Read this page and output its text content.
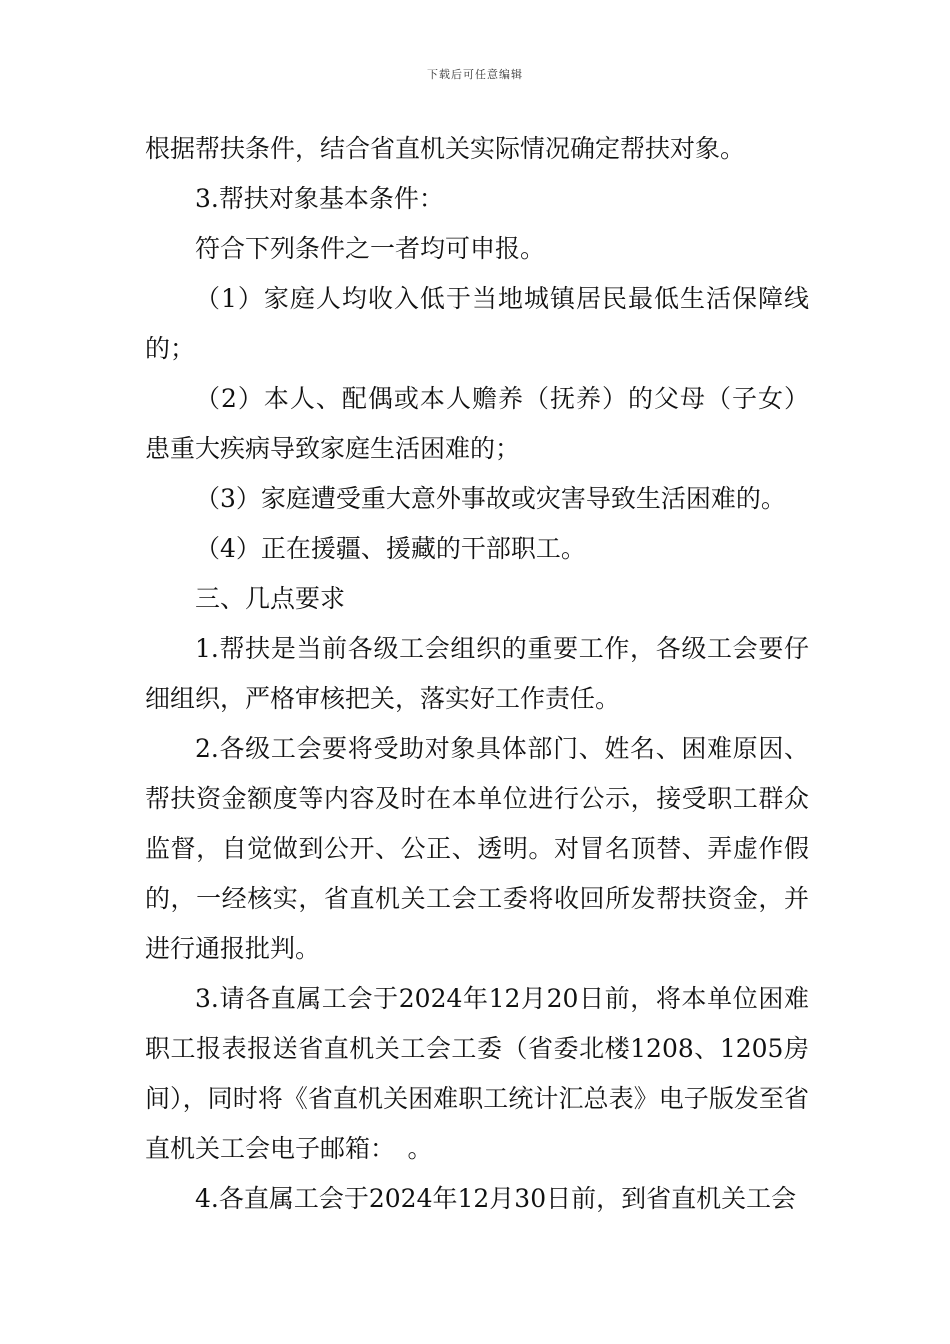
下载后可任意编辑

根据帮扶条件，结合省直机关实际情况确定帮扶对象。

3.帮扶对象基本条件：

符合下列条件之一者均可申报。

（1）家庭人均收入低于当地城镇居民最低生活保障线的；

（2）本人、配偶或本人赡养（抚养）的父母（子女）患重大疾病导致家庭生活困难的；

（3）家庭遭受重大意外事故或灾害导致生活困难的。

（4）正在援疆、援藏的干部职工。

三、几点要求

1.帮扶是当前各级工会组织的重要工作，各级工会要仔细组织，严格审核把关，落实好工作责任。

2.各级工会要将受助对象具体部门、姓名、困难原因、帮扶资金额度等内容及时在本单位进行公示，接受职工群众监督，自觉做到公开、公正、透明。对冒名顶替、弄虚作假的，一经核实，省直机关工会工委将收回所发帮扶资金，并进行通报批判。

3.请各直属工会于2024年12月20日前，将本单位困难职工报表报送省直机关工会工委（省委北楼1208、1205房间），同时将《省直机关困难职工统计汇总表》电子版发至省直机关工会电子邮箱：　。

4.各直属工会于2024年12月30日前，到省直机关工会
